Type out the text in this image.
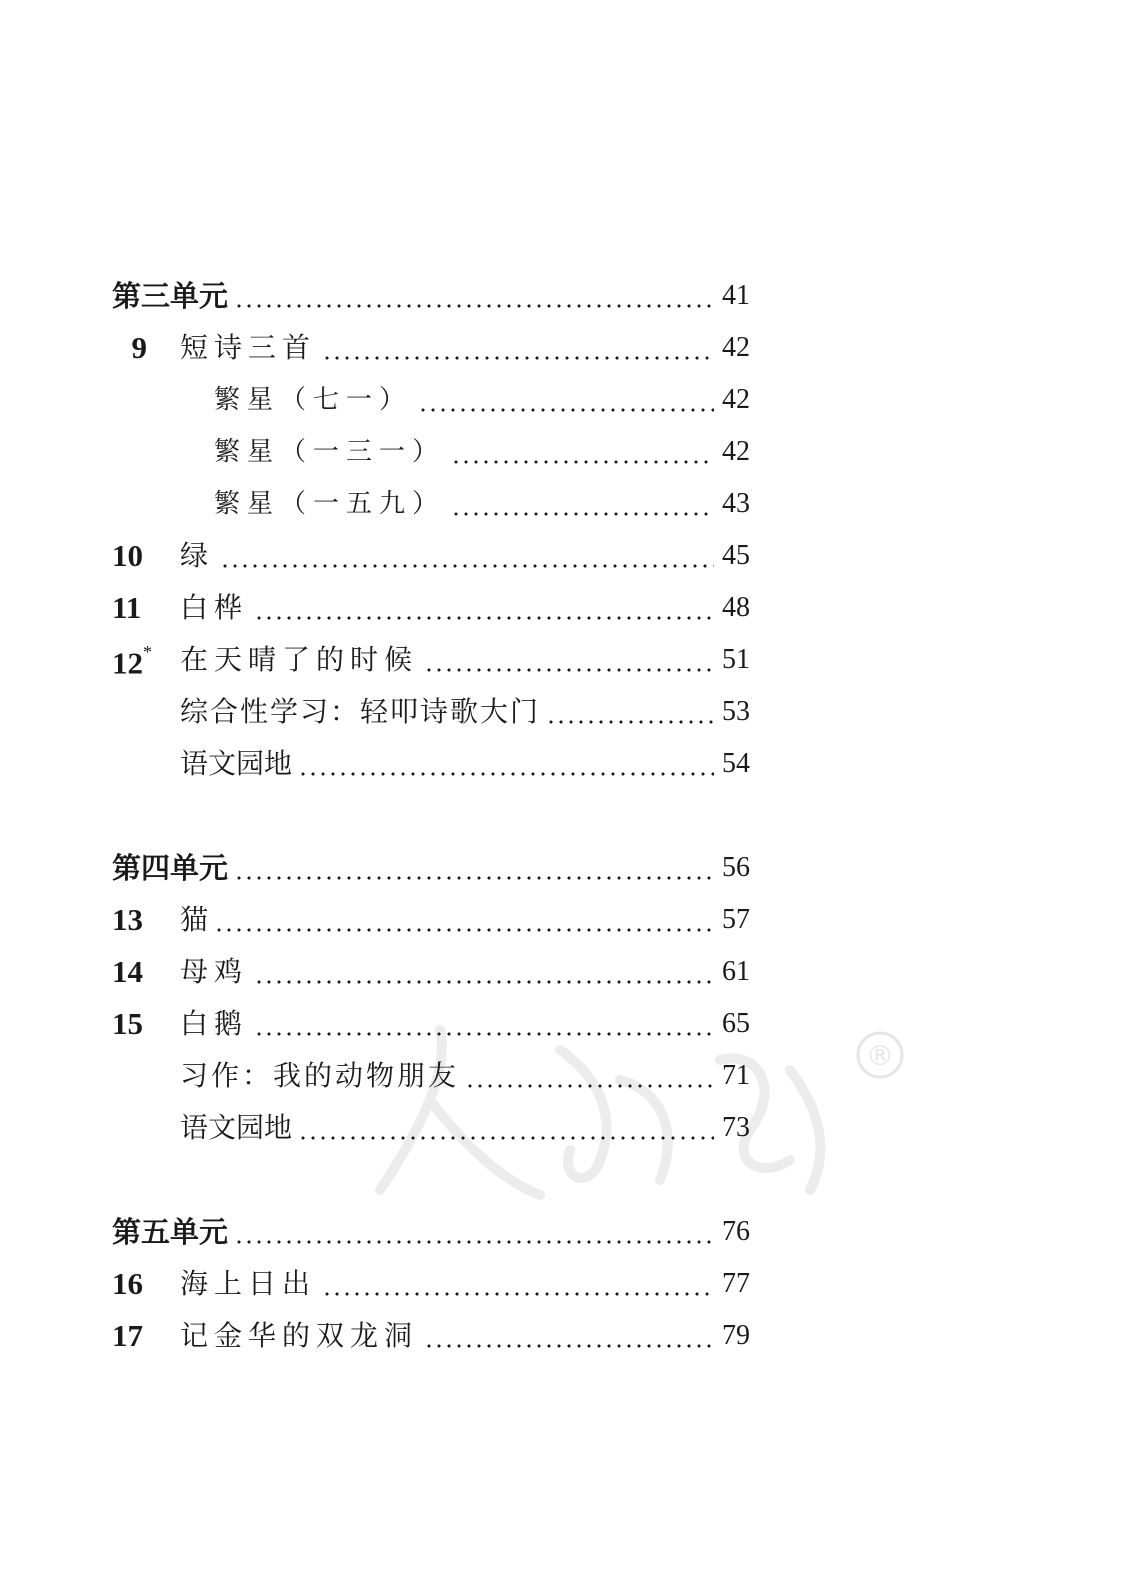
®
第三单元	41
9 短诗三首	42
繁星（七一）	42
繁星（一三一）	42
繁星（一五九）	43
10	绿	45
11	白桦	48
12*	在天晴了的时候	51
综合性学习：轻叩诗歌大门	53
语文园地	54
第四单元	56
13	猫	57
14	母鸡	61
15	白鹅	65
习作：我的动物朋友	71
语文园地	73
第五单元	76
16	海上日出	77
17	记金华的双龙洞	79
